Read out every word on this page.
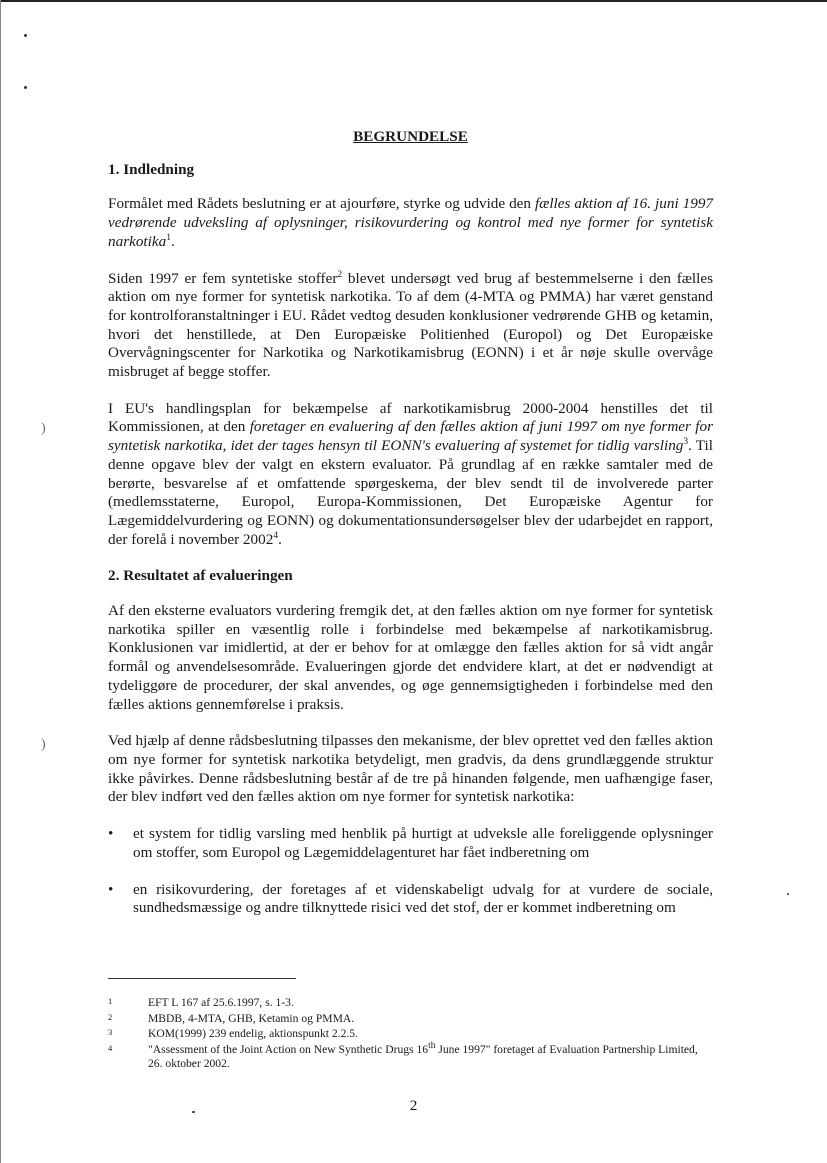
)
)
BEGRUNDELSE
1. Indledning

Formålet med Rådets beslutning er at ajourføre, styrke og udvide den fælles aktion af 16. juni 1997 vedrørende udveksling af oplysninger, risikovurdering og kontrol med nye former for syntetisk narkotika$^1$.

Siden 1997 er fem syntetiske stoffer$^2$ blevet undersøgt ved brug af bestemmelserne i den fælles aktion om nye former for syntetisk narkotika. To af dem (4-MTA og PMMA) har været genstand for kontrolforanstaltninger i EU. Rådet vedtog desuden konklusioner vedrørende GHB og ketamin, hvori det henstillede, at Den Europæiske Politienhed (Europol) og Det Europæiske Overvågningscenter for Narkotika og Narkotikamisbrug (EONN) i et år nøje skulle overvåge misbruget af begge stoffer.

I EU's handlingsplan for bekæmpelse af narkotikamisbrug 2000-2004 henstilles det til Kommissionen, at den foretager en evaluering af den fælles aktion af juni 1997 om nye former for syntetisk narkotika, idet der tages hensyn til EONN's evaluering af systemet for tidlig varsling$^3$. Til denne opgave blev der valgt en ekstern evaluator. På grundlag af en række samtaler med de berørte, besvarelse af et omfattende spørgeskema, der blev sendt til de involverede parter (medlemsstaterne, Europol, Europa-Kommissionen, Det Europæiske Agentur for Lægemiddelvurdering og EONN) og dokumentationsundersøgelser blev der udarbejdet en rapport, der forelå i november 2002$^4$.

2. Resultatet af evalueringen

Af den eksterne evaluators vurdering fremgik det, at den fælles aktion om nye former for syntetisk narkotika spiller en væsentlig rolle i forbindelse med bekæmpelse af narkotikamisbrug. Konklusionen var imidlertid, at der er behov for at omlægge den fælles aktion for så vidt angår formål og anvendelsesområde. Evalueringen gjorde det endvidere klart, at det er nødvendigt at tydeliggøre de procedurer, der skal anvendes, og øge gennemsigtigheden i forbindelse med den fælles aktions gennemførelse i praksis.

Ved hjælp af denne rådsbeslutning tilpasses den mekanisme, der blev oprettet ved den fælles aktion om nye former for syntetisk narkotika betydeligt, men gradvis, da dens grundlæggende struktur ikke påvirkes. Denne rådsbeslutning består af de tre på hinanden følgende, men uafhængige faser, der blev indført ved den fælles aktion om nye former for syntetisk narkotika:

• et system for tidlig varsling med henblik på hurtigt at udveksle alle foreliggende oplysninger om stoffer, som Europol og Lægemiddelagenturet har fået indberetning om
• en risikovurdering, der foretages af et videnskabeligt udvalg for at vurdere de sociale, sundhedsmæssige og andre tilknyttede risici ved det stof, der er kommet indberetning om
1	EFT L 167 af 25.6.1997, s. 1-3.
2	MBDB, 4-MTA, GHB, Ketamin og PMMA.
3	KOM(1999) 239 endelig, aktionspunkt 2.2.5.
4	"Assessment of the Joint Action on New Synthetic Drugs 16th June 1997" foretaget af Evaluation Partnership Limited, 26. oktober 2002.
2
